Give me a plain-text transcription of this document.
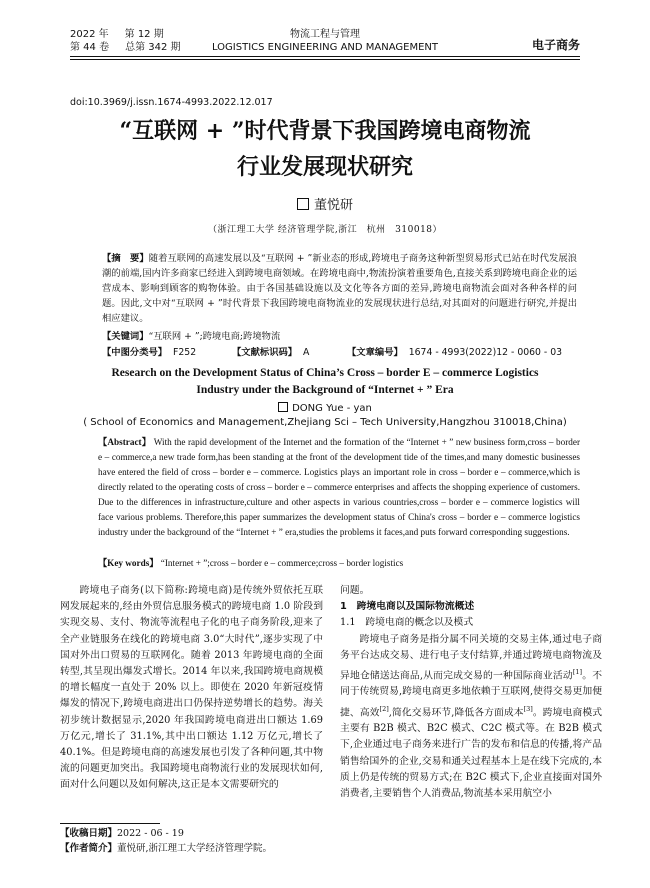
2022 年 第 12 期
第 44 卷 总第 342 期
物流工程与管理
LOGISTICS ENGINEERING AND MANAGEMENT	电子商务
doi:10.3969/j.issn.1674-4993.2022.12.017
“互联网 + ”时代背景下我国跨境电商物流
行业发展现状研究
董悦研
（浙江理工大学 经济管理学院,浙江　杭州　310018）
【摘　要】随着互联网的高速发展以及“互联网 + ”新业态的形成,跨境电子商务这种新型贸易形式已站在时代发展浪潮的前端,国内许多商家已经进入到跨境电商领域。在跨境电商中,物流扮演着重要角色,直接关系到跨境电商企业的运营成本、影响到顾客的购物体验。由于各国基础设施以及文化等各方面的差异,跨境电商物流会面对各种各样的问题。因此,文中对“互联网 + ”时代背景下我国跨境电商物流业的发展现状进行总结,对其面对的问题进行研究,并提出相应建议。
【关键词】“互联网 + ”;跨境电商;跨境物流
【中图分类号】 F252	【文献标识码】 A	【文章编号】 1674 - 4993(2022)12 - 0060 - 03
Research on the Development Status of China’s Cross – border E – commerce Logistics
Industry under the Background of “Internet + ” Era
DONG Yue - yan
( School of Economics and Management,Zhejiang Sci – Tech University,Hangzhou 310018,China)
【Abstract】 With the rapid development of the Internet and the formation of the “Internet + ” new business form,cross – border e – commerce,a new trade form,has been standing at the front of the development tide of the times,and many domestic businesses have entered the field of cross – border e – commerce. Logistics plays an important role in cross – border e – commerce,which is directly related to the operating costs of cross – border e – commerce enterprises and affects the shopping experience of customers. Due to the differences in infrastructure,culture and other aspects in various countries,cross – border e – commerce logistics will face various problems. Therefore,this paper summarizes the development status of China's cross – border e – commerce logistics industry under the background of the “Internet + ” era,studies the problems it faces,and puts forward corresponding suggestions.
【Key words】 “Internet + ”;cross – border e – commerce;cross – border logistics

跨境电子商务(以下简称:跨境电商)是传统外贸依托互联网发展起来的,经由外贸信息服务模式的跨境电商 1.0 阶段到实现交易、支付、物流等流程电子化的电子商务阶段,迎来了全产业链服务在线化的跨境电商 3.0“大时代”,逐步实现了中国对外出口贸易的互联网化。随着 2013 年跨境电商的全面转型,其呈现出爆发式增长。2014 年以来,我国跨境电商规模的增长幅度一直处于 20% 以上。即使在 2020 年新冠疫情爆发的情况下,跨境电商进出口仍保持逆势增长的趋势。海关初步统计数据显示,2020 年我国跨境电商进出口额达 1.69 万亿元,增长了 31.1%,其中出口额达 1.12 万亿元,增长了 40.1%。但是跨境电商的高速发展也引发了各种问题,其中物流的问题更加突出。我国跨境电商物流行业的发展现状如何,面对什么问题以及如何解决,这正是本文需要研究的

问题。

1　跨境电商以及国际物流概述

1.1　跨境电商的概念以及模式

跨境电子商务是指分属不同关境的交易主体,通过电子商务平台达成交易、进行电子支付结算,并通过跨境电商物流及异地仓储送达商品,从而完成交易的一种国际商业活动[1]。不同于传统贸易,跨境电商更多地依赖于互联网,使得交易更加便捷、高效[2],简化交易环节,降低各方面成本[3]。跨境电商模式主要有 B2B 模式、B2C 模式、C2C 模式等。在 B2B 模式下,企业通过电子商务来进行广告的发布和信息的传播,将产品销售给国外的企业,交易和通关过程基本上是在线下完成的,本质上仍是传统的贸易方式;在 B2C 模式下,企业直接面对国外消费者,主要销售个人消费品,物流基本采用航空小

【收稿日期】2022 - 06 - 19
【作者简介】董悦研,浙江理工大学经济管理学院。
